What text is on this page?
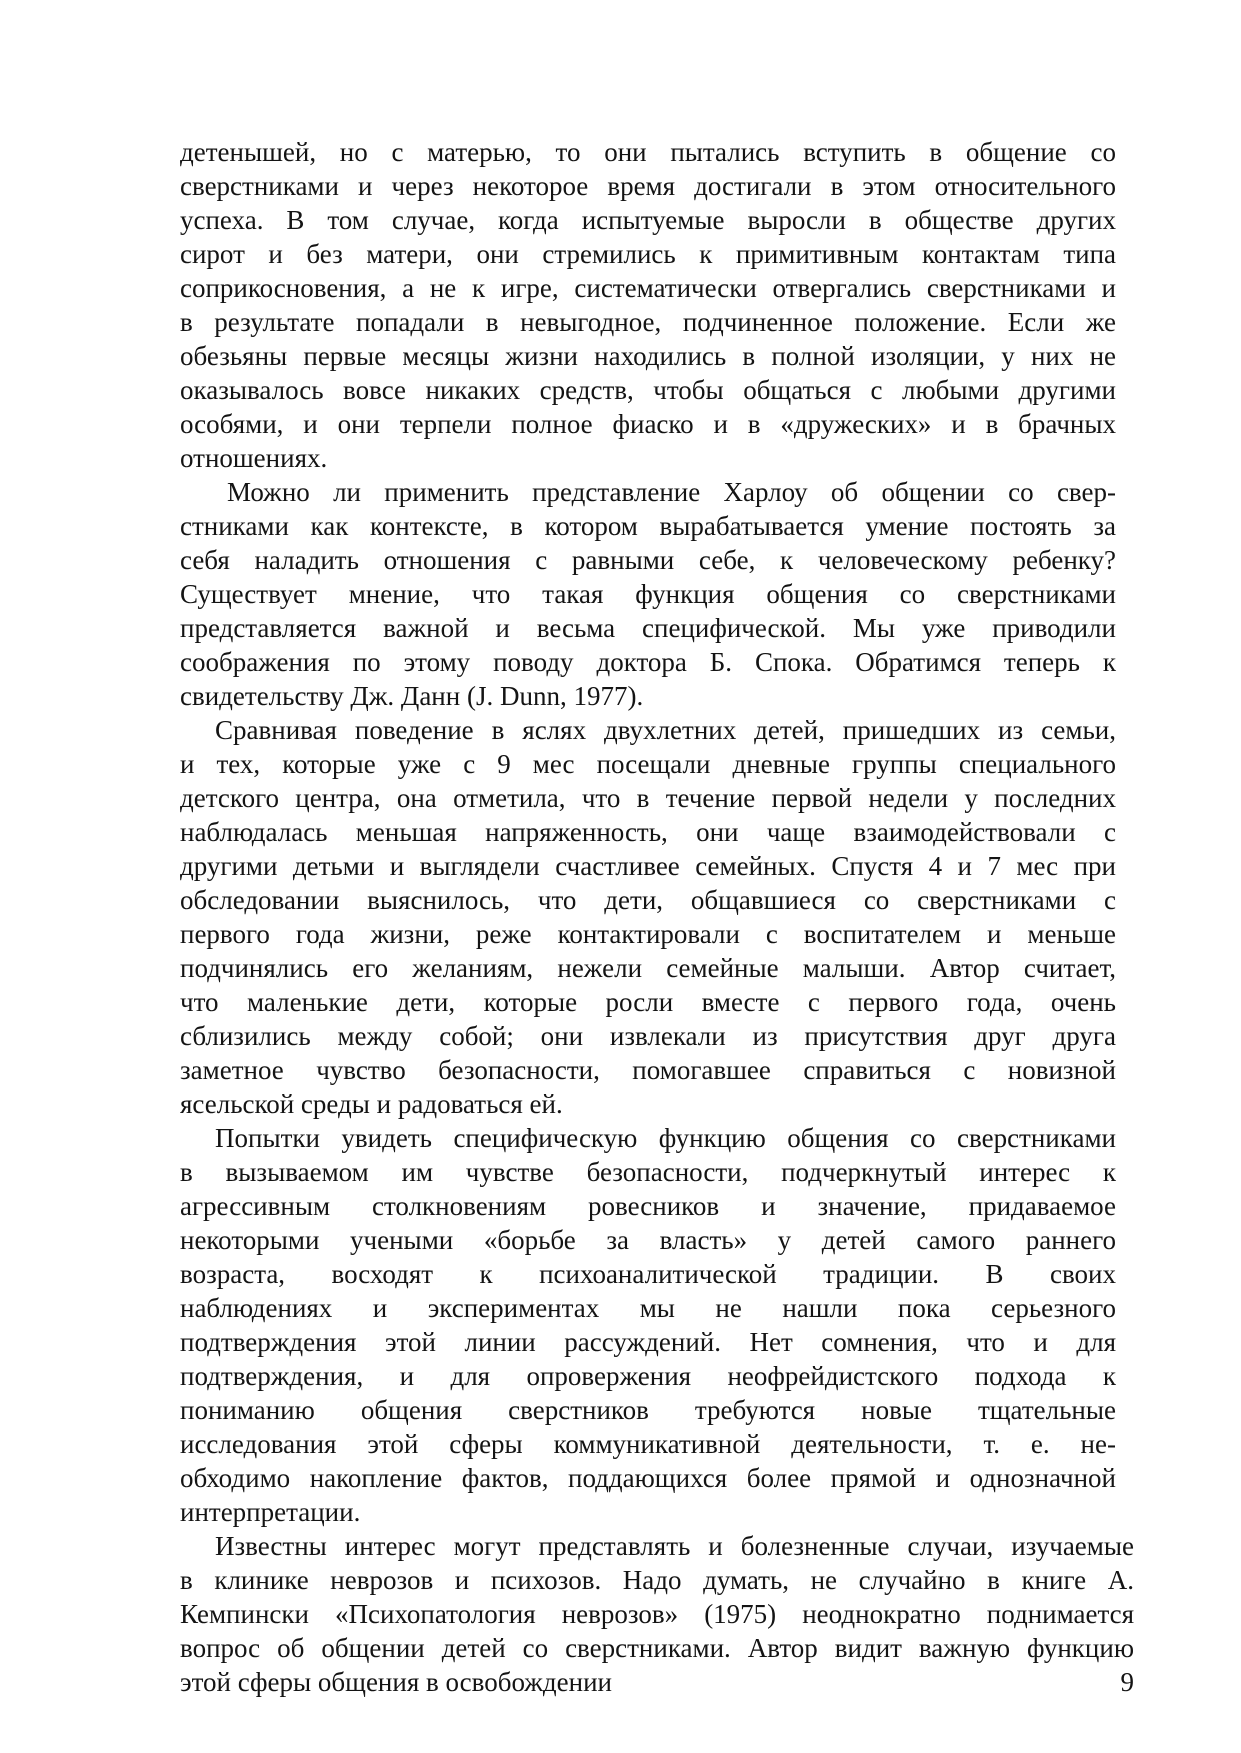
детенышей, но с матерью, то они пытались вступить в общение со
сверстниками и через некоторое время достигали в этом относительного
успеха. В том случае, когда испытуемые выросли в обществе других
сирот и без матери, они стремились к примитивным контактам типа
соприкосновения, а не к игре, систематически отвергались сверстниками и
в результате попадали в невыгодное, подчиненное положение. Если же
обезьяны первые месяцы жизни находились в полной изоляции, у них не
оказывалось вовсе никаких средств, чтобы общаться с любыми другими
особями, и они терпели полное фиаско и в «дружеских» и в брачных
отношениях.
Можно ли применить представление Харлоу об общении со свер-
стниками как контексте, в котором вырабатывается умение постоять за
себя наладить отношения с равными себе, к человеческому ребенку?
Существует мнение, что такая функция общения со сверстниками
представляется важной и весьма специфической. Мы уже приводили
соображения по этому поводу доктора Б. Спока. Обратимся теперь к
свидетельству Дж. Данн (J. Dunn, 1977).
Сравнивая поведение в яслях двухлетних детей, пришедших из семьи,
и тех, которые уже с 9 мес посещали дневные группы специального
детского центра, она отметила, что в течение первой недели у последних
наблюдалась меньшая напряженность, они чаще взаимодействовали с
другими детьми и выглядели счастливее семейных. Спустя 4 и 7 мес при
обследовании выяснилось, что дети, общавшиеся со сверстниками с
первого года жизни, реже контактировали с воспитателем и меньше
подчинялись его желаниям, нежели семейные малыши. Автор считает,
что маленькие дети, которые росли вместе с первого года, очень
сблизились между собой; они извлекали из присутствия друг друга
заметное чувство безопасности, помогавшее справиться с новизной
ясельской среды и радоваться ей.
Попытки увидеть специфическую функцию общения со сверстниками
в вызываемом им чувстве безопасности, подчеркнутый интерес к
агрессивным столкновениям ровесников и значение, придаваемое
некоторыми учеными «борьбе за власть» у детей самого раннего
возраста, восходят к психоаналитической традиции. В своих
наблюдениях и экспериментах мы не нашли пока серьезного
подтверждения этой линии рассуждений. Нет сомнения, что и для
подтверждения, и для опровержения неофрейдистского подхода к
пониманию общения сверстников требуются новые тщательные
исследования этой сферы коммуникативной деятельности, т. е. не-
обходимо накопление фактов, поддающихся более прямой и однозначной
интерпретации.
Известны интерес могут представлять и болезненные случаи, изучаемые
в клинике неврозов и психозов. Надо думать, не случайно в книге А.
Кемпински «Психопатология неврозов» (1975) неоднократно поднимается
вопрос об общении детей со сверстниками. Автор видит важную функцию
этой сферы общения в освобождении	9
